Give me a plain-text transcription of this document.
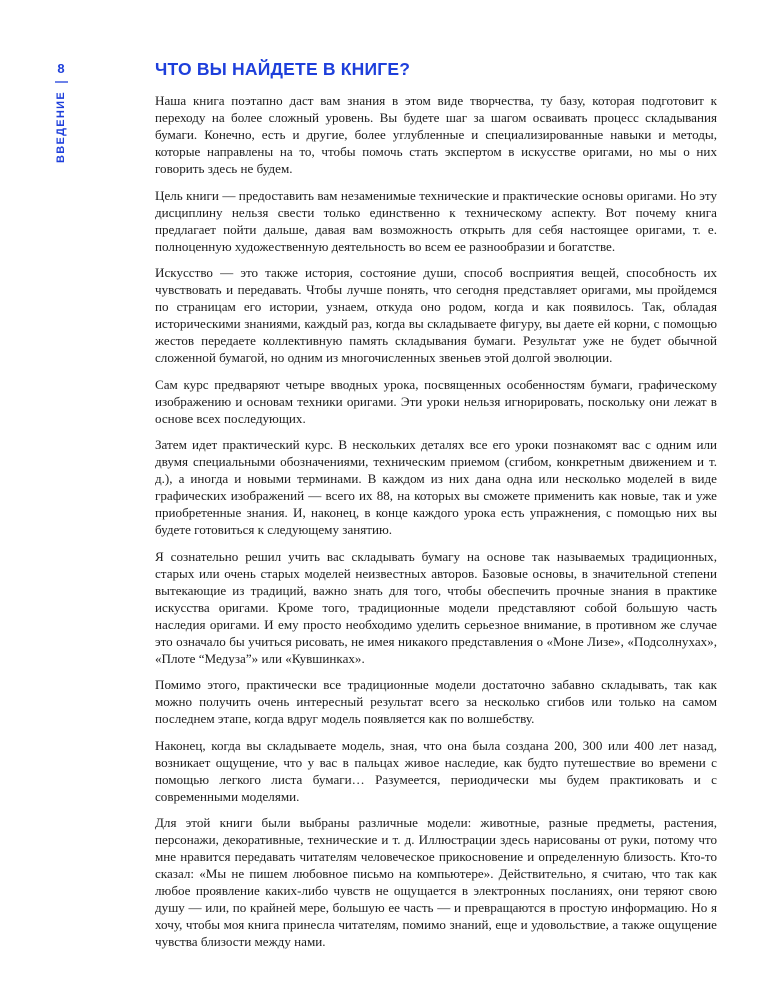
8
ВВЕДЕНИЕ
ЧТО ВЫ НАЙДЕТЕ В КНИГЕ?

Наша книга поэтапно даст вам знания в этом виде творчества, ту базу, которая подготовит к переходу на более сложный уровень. Вы будете шаг за шагом осваивать процесс складывания бумаги. Конечно, есть и другие, более углубленные и специализированные навыки и методы, которые направлены на то, чтобы помочь стать экспертом в искусстве оригами, но мы о них говорить здесь не будем.

Цель книги — предоставить вам незаменимые технические и практические основы оригами. Но эту дисциплину нельзя свести только единственно к техническому аспекту. Вот почему книга предлагает пойти дальше, давая вам возможность открыть для себя настоящее оригами, т. е. полноценную художественную деятельность во всем ее разнообразии и богатстве.

Искусство — это также история, состояние души, способ восприятия вещей, способность их чувствовать и передавать. Чтобы лучше понять, что сегодня представляет оригами, мы пройдемся по страницам его истории, узнаем, откуда оно родом, когда и как появилось. Так, обладая историческими знаниями, каждый раз, когда вы складываете фигуру, вы даете ей корни, с помощью жестов передаете коллективную память складывания бумаги. Результат уже не будет обычной сложенной бумагой, но одним из многочисленных звеньев этой долгой эволюции.

Сам курс предваряют четыре вводных урока, посвященных особенностям бумаги, графическому изображению и основам техники оригами. Эти уроки нельзя игнорировать, поскольку они лежат в основе всех последующих.

Затем идет практический курс. В нескольких деталях все его уроки познакомят вас с одним или двумя специальными обозначениями, техническим приемом (сгибом, конкретным движением и т. д.), а иногда и новыми терминами. В каждом из них дана одна или несколько моделей в виде графических изображений — всего их 88, на которых вы сможете применить как новые, так и уже приобретенные знания. И, наконец, в конце каждого урока есть упражнения, с помощью них вы будете готовиться к следующему занятию.

Я сознательно решил учить вас складывать бумагу на основе так называемых традиционных, старых или очень старых моделей неизвестных авторов. Базовые основы, в значительной степени вытекающие из традиций, важно знать для того, чтобы обеспечить прочные знания в практике искусства оригами. Кроме того, традиционные модели представляют собой большую часть наследия оригами. И ему просто необходимо уделить серьезное внимание, в противном же случае это означало бы учиться рисовать, не имея никакого представления о «Моне Лизе», «Подсолнухах», «Плоте “Медуза”» или «Кувшинках».

Помимо этого, практически все традиционные модели достаточно забавно складывать, так как можно получить очень интересный результат всего за несколько сгибов или только на самом последнем этапе, когда вдруг модель появляется как по волшебству.

Наконец, когда вы складываете модель, зная, что она была создана 200, 300 или 400 лет назад, возникает ощущение, что у вас в пальцах живое наследие, как будто путешествие во времени с помощью легкого листа бумаги… Разумеется, периодически мы будем практиковать и с современными моделями.

Для этой книги были выбраны различные модели: животные, разные предметы, растения, персонажи, декоративные, технические и т. д. Иллюстрации здесь нарисованы от руки, потому что мне нравится передавать читателям человеческое прикосновение и определенную близость. Кто-то сказал: «Мы не пишем любовное письмо на компьютере». Действительно, я считаю, что так как любое проявление каких-либо чувств не ощущается в электронных посланиях, они теряют свою душу — или, по крайней мере, большую ее часть — и превращаются в простую информацию. Но я хочу, чтобы моя книга принесла читателям, помимо знаний, еще и удовольствие, а также ощущение чувства близости между нами.
